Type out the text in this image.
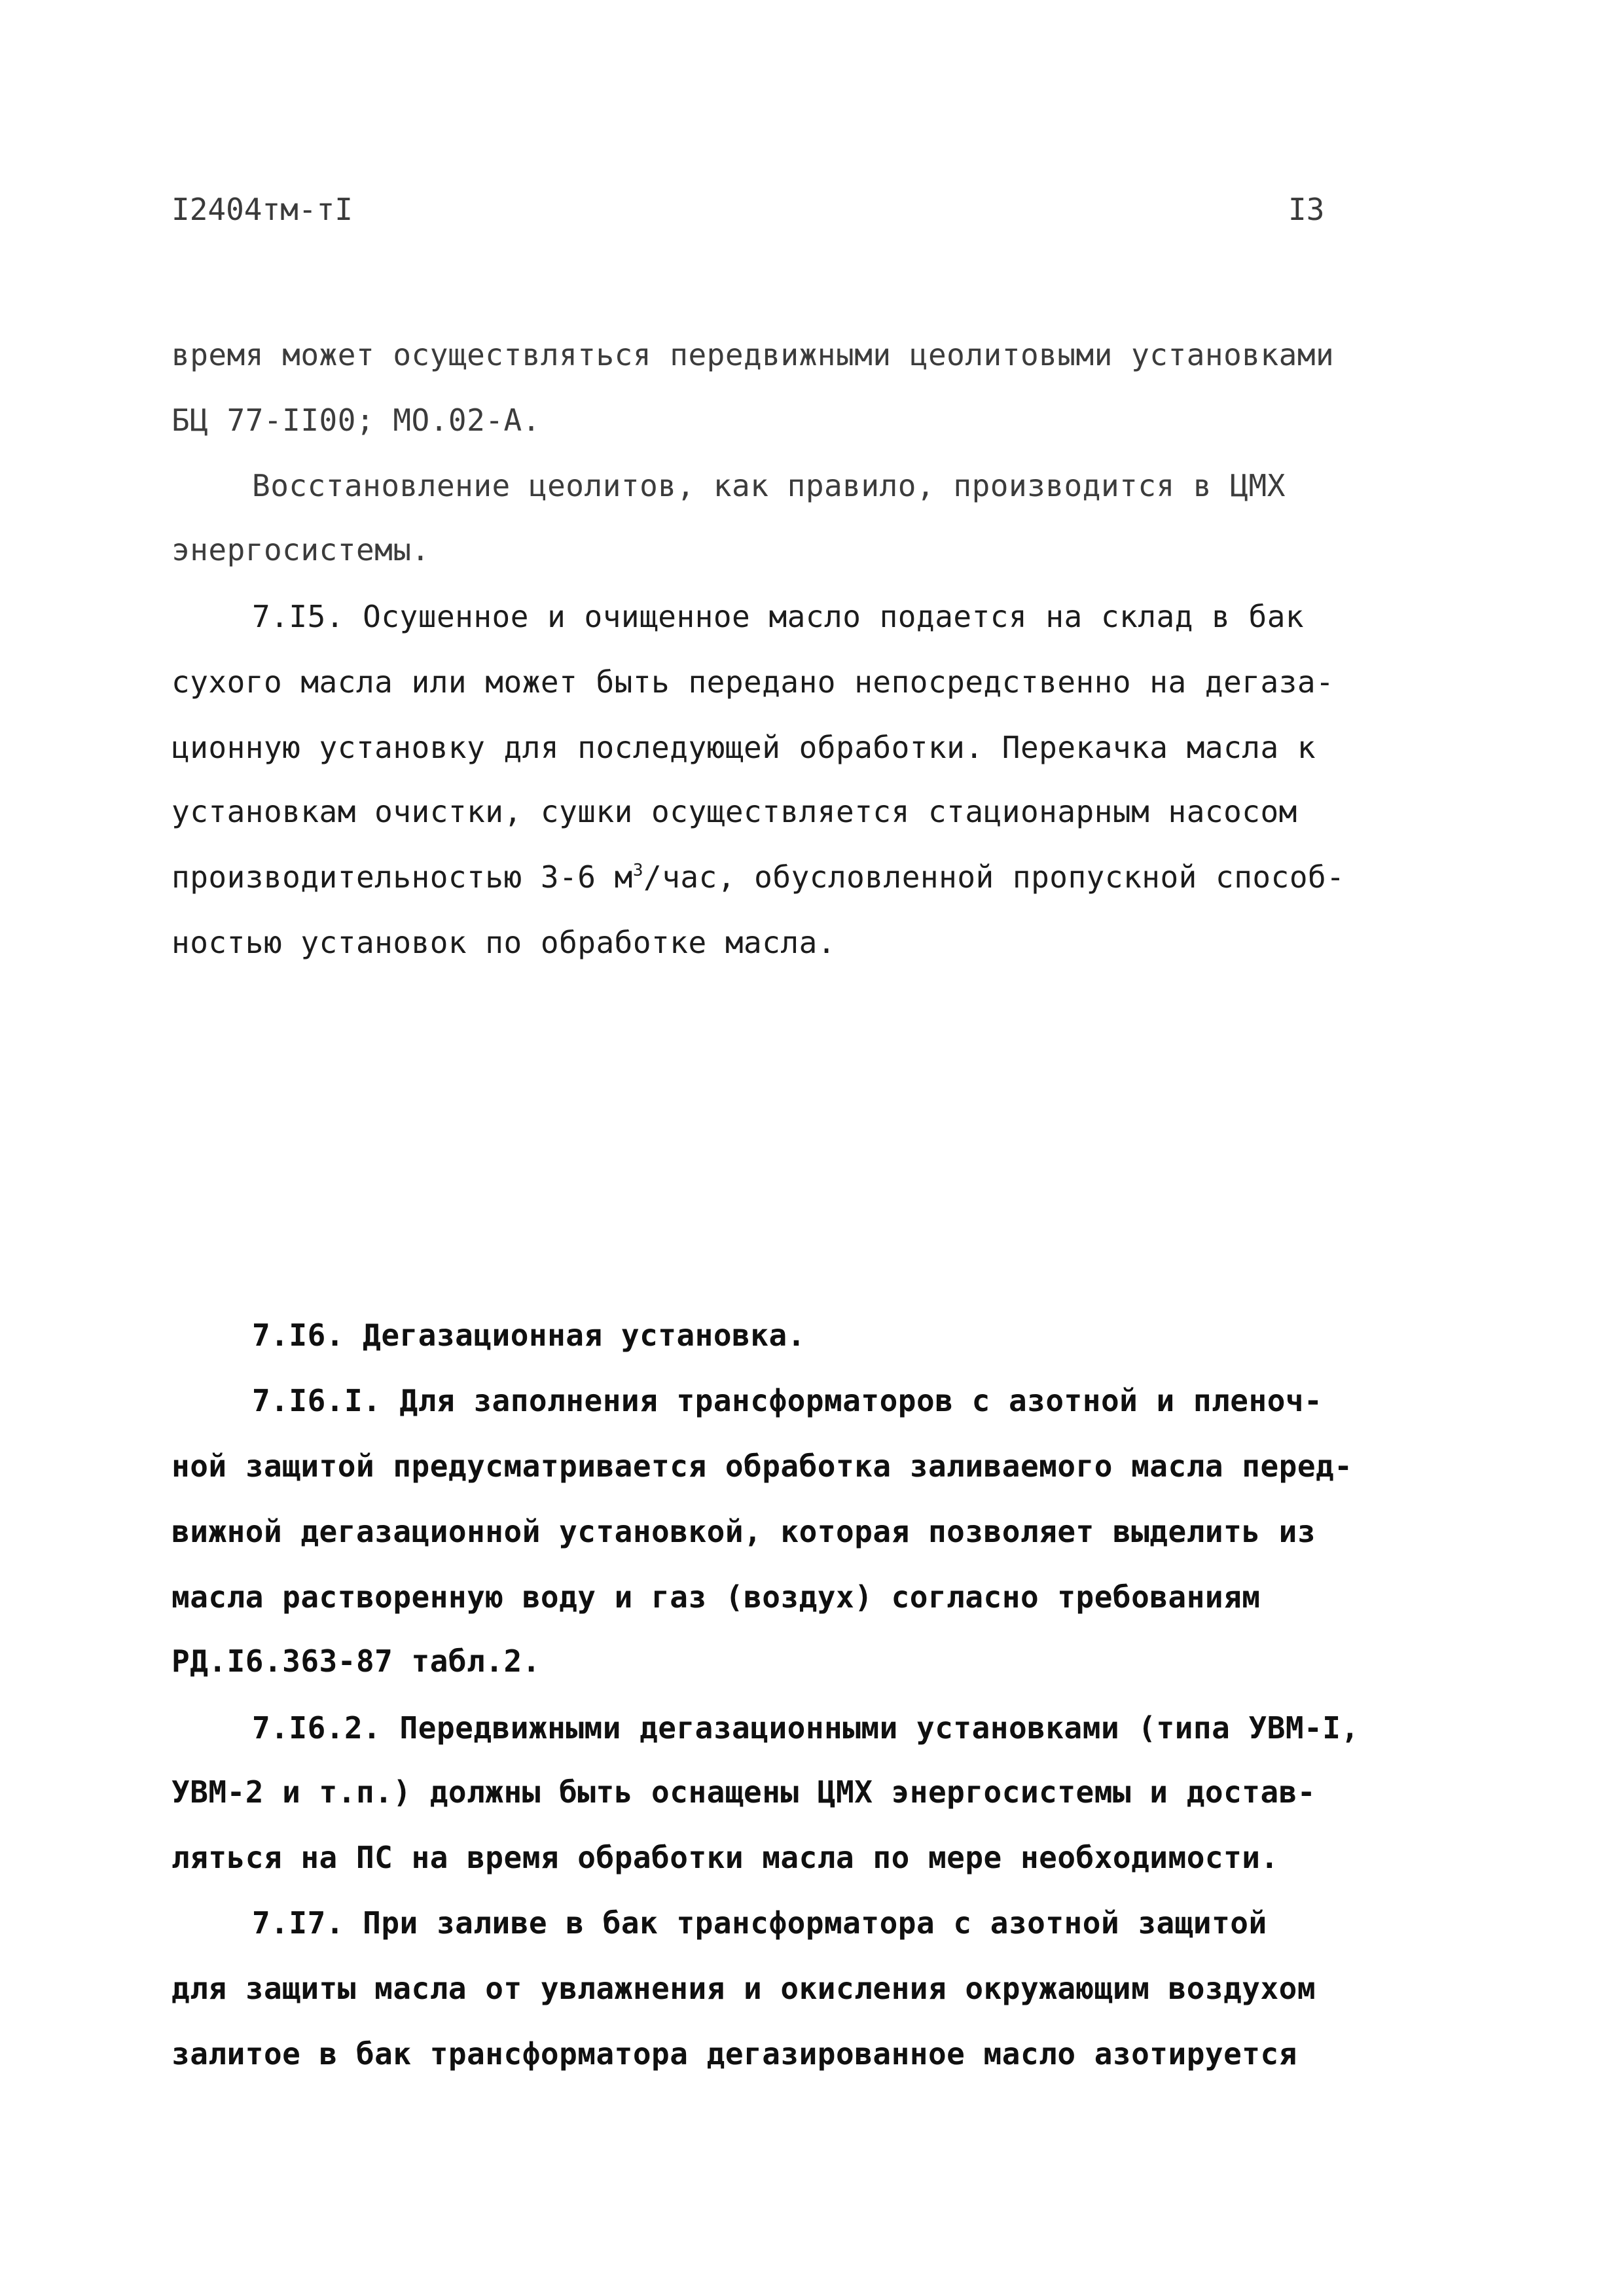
I2404тм-тI	I3
время может осуществляться передвижными цеолитовыми установками
БЦ 77-II00; МО.02-А.
Восстановление цеолитов, как правило, производится в ЦМХ
энергосистемы.
7.I5. Осушенное и очищенное масло подается на склад в бак
сухого масла или может быть передано непосредственно на дегаза-
ционную установку для последующей обработки. Перекачка масла к
установкам очистки, сушки осуществляется стационарным насосом
производительностью 3-6 $м^3$/час, обусловленной пропускной способ-
ностью установок по обработке масла.
7.I6. Дегазационная установка.
7.I6.I. Для заполнения трансформаторов с азотной и пленоч-
ной защитой предусматривается обработка заливаемого масла перед-
вижной дегазационной установкой, которая позволяет выделить из
масла растворенную воду и газ (воздух) согласно требованиям
РД.I6.363-87 табл.2.
7.I6.2. Передвижными дегазационными установками (типа УВМ-I,
УВМ-2 и т.п.) должны быть оснащены ЦМХ энергосистемы и достав-
ляться на ПС на время обработки масла по мере необходимости.
7.I7. При заливе в бак трансформатора с азотной защитой
для защиты масла от увлажнения и окисления окружающим воздухом
залитое в бак трансформатора дегазированное масло азотируется
